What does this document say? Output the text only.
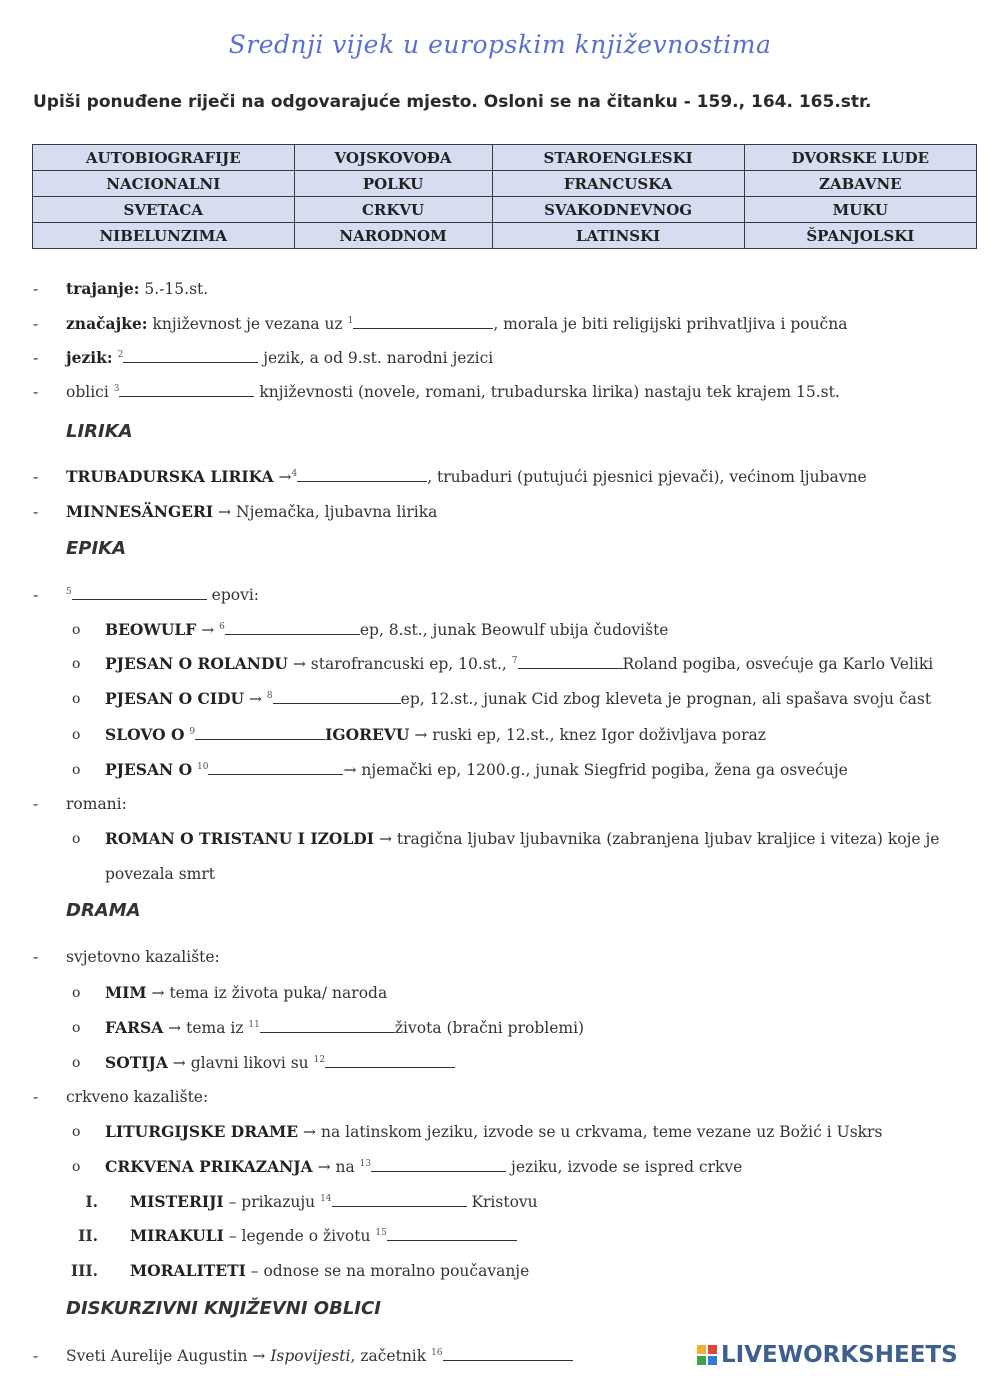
Srednji vijek u europskim književnostima
Upiši ponuđene riječi na odgovarajuće mjesto. Osloni se na čitanku - 159., 164. 165.str.
AUTOBIOGRAFIJE	VOJSKOVOĐA	STAROENGLESKI	DVORSKE LUDE
NACIONALNI	POLKU	FRANCUSKA	ZABAVNE
SVETACA	CRKVU	SVAKODNEVNOG	MUKU
NIBELUNZIMA	NARODNOM	LATINSKI	ŠPANJOLSKI
- trajanje: 5.-15.st.
- značajke: književnost je vezana uz $^1$	, morala je biti religijski prihvatljiva i poučna
- jezik: $^2$	jezik, a od 9.st. narodni jezici
- oblici $^3$	književnosti (novele, romani, trubadurska lirika) nastaju tek krajem 15.st.
LIRIKA
- TRUBADURSKA LIRIKA →$^4$	, trubaduri (putujući pjesnici pjevači), većinom ljubavne
- MINNESÄNGERI → Njemačka, ljubavna lirika
EPIKA
-	$^5$	epovi:
o BEOWULF → $^6$	ep, 8.st., junak Beowulf ubija čudovište
o PJESAN O ROLANDU → starofrancuski ep, 10.st., $^7$	Roland pogiba, osvećuje ga Karlo Veliki
o PJESAN O CIDU → $^8$	ep, 12.st., junak Cid zbog kleveta je prognan, ali spašava svoju čast
o SLOVO O $^9$	IGOREVU → ruski ep, 12.st., knez Igor doživljava poraz
o PJESAN O $^{10}$	→ njemački ep, 1200.g., junak Siegfrid pogiba, žena ga osvećuje
- romani:
o ROMAN O TRISTANU I IZOLDI → tragična ljubav ljubavnika (zabranjena ljubav kraljice i viteza) koje je
povezala smrt
DRAMA
- svjetovno kazalište:
o MIM → tema iz života puka/ naroda
o FARSA → tema iz $^{11}$	života (bračni problemi)
o SOTIJA → glavni likovi su $^{12}$
- crkveno kazalište:
o LITURGIJSKE DRAME → na latinskom jeziku, izvode se u crkvama, teme vezane uz Božić i Uskrs
o CRKVENA PRIKAZANJA → na $^{13}$	jeziku, izvode se ispred crkve
I. MISTERIJI – prikazuju $^{14}$	Kristovu
II. MIRAKULI – legende o životu $^{15}$
III. MORALITETI – odnose se na moralno poučavanje
DISKURZIVNI KNJIŽEVNI OBLICI
- Sveti Aurelije Augustin → Ispovijesti, začetnik $^{16}$	LIVEWORKSHEETS
